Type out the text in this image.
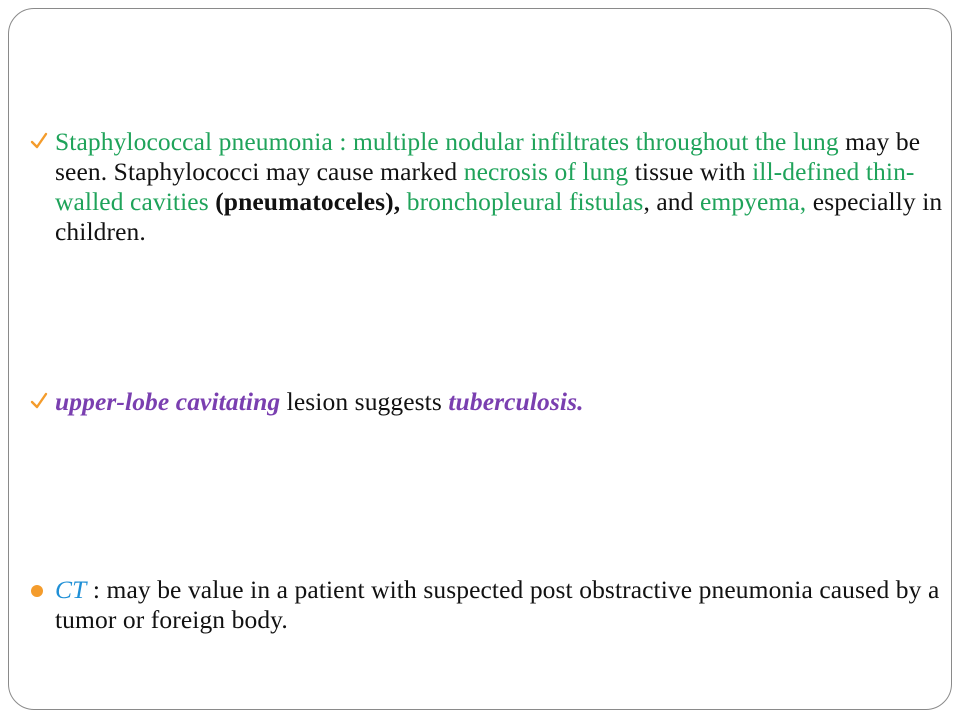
Staphylococcal pneumonia : multiple nodular infiltrates throughout the lung may be seen. Staphylococci may cause marked necrosis of lung tissue with ill-defined thin-walled cavities (pneumatoceles), bronchopleural fistulas, and empyema, especially in children.
upper-lobe cavitating lesion suggests tuberculosis.
CT : may be value in a patient with suspected post obstractive pneumonia caused by a tumor or foreign body.
